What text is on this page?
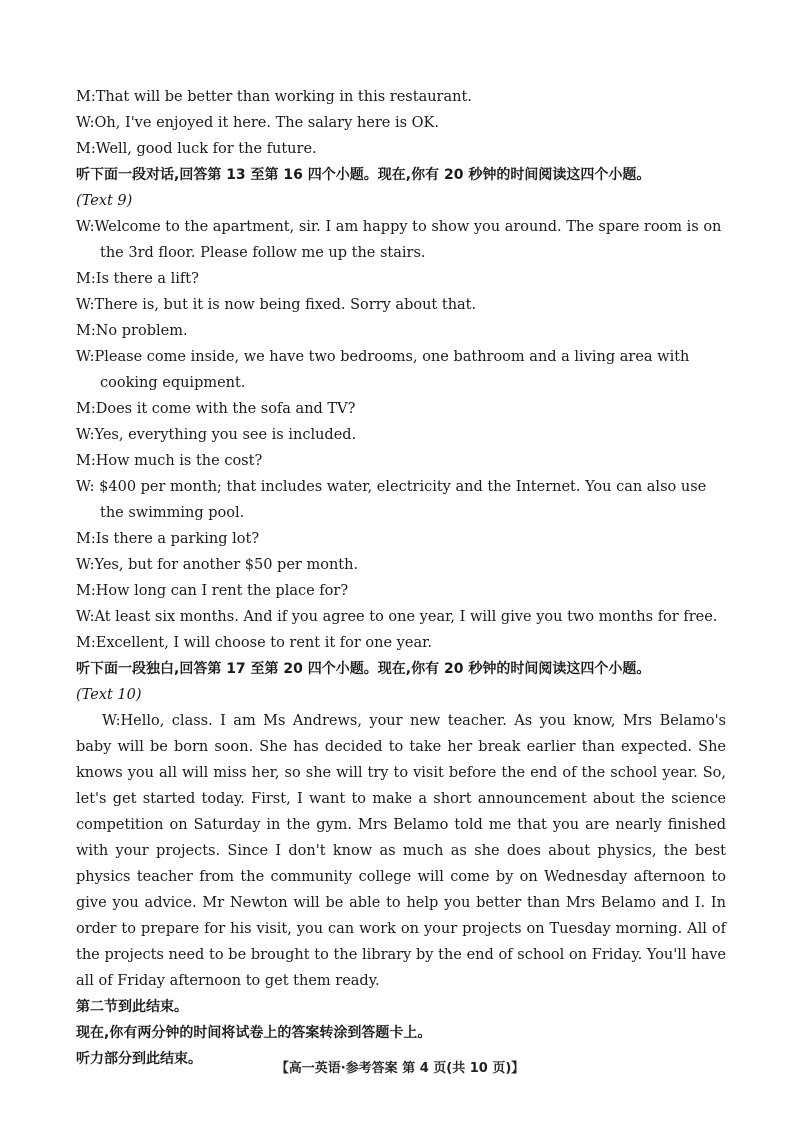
M:That will be better than working in this restaurant.
W:Oh, I've enjoyed it here. The salary here is OK.
M:Well, good luck for the future.
听下面一段对话,回答第 13 至第 16 四个小题。现在,你有 20 秒钟的时间阅读这四个小题。
(Text 9)
W:Welcome to the apartment, sir. I am happy to show you around. The spare room is on the 3rd floor. Please follow me up the stairs.
M:Is there a lift?
W:There is, but it is now being fixed. Sorry about that.
M:No problem.
W:Please come inside, we have two bedrooms, one bathroom and a living area with cooking equipment.
M:Does it come with the sofa and TV?
W:Yes, everything you see is included.
M:How much is the cost?
W: $400 per month; that includes water, electricity and the Internet. You can also use the swimming pool.
M:Is there a parking lot?
W:Yes, but for another $50 per month.
M:How long can I rent the place for?
W:At least six months. And if you agree to one year, I will give you two months for free.
M:Excellent, I will choose to rent it for one year.
听下面一段独白,回答第 17 至第 20 四个小题。现在,你有 20 秒钟的时间阅读这四个小题。
(Text 10)
W:Hello, class. I am Ms Andrews, your new teacher. As you know, Mrs Belamo's baby will be born soon. She has decided to take her break earlier than expected. She knows you all will miss her, so she will try to visit before the end of the school year. So, let's get started today. First, I want to make a short announcement about the science competition on Saturday in the gym. Mrs Belamo told me that you are nearly finished with your projects. Since I don't know as much as she does about physics, the best physics teacher from the community college will come by on Wednesday afternoon to give you advice. Mr Newton will be able to help you better than Mrs Belamo and I. In order to prepare for his visit, you can work on your projects on Tuesday morning. All of the projects need to be brought to the library by the end of school on Friday. You'll have all of Friday afternoon to get them ready.
第二节到此结束。
现在,你有两分钟的时间将试卷上的答案转涂到答题卡上。
听力部分到此结束。
【高一英语·参考答案 第 4 页(共 10 页)】
